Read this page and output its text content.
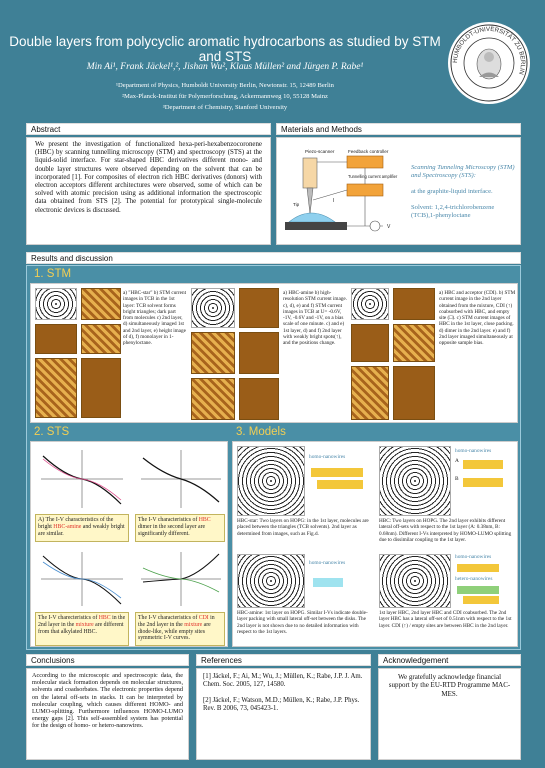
Double layers from polycyclic aromatic hydrocarbons as studied by STM and STS
Min Ai¹, Frank Jäckel¹,², Jishan Wu², Klaus Müllen² and Jürgen P. Rabe¹
¹Department of Physics, Humboldt University Berlin, Newtonstr. 15, 12489 Berlin
²Max-Planck-Institut für Polymerforschung, Ackermannweg 10, 55128 Mainz
³Department of Chemistry, Stanford University
HUMBOLDT-UNIVERSITÄT ZU BERLIN
Abstract
We present the investigation of functionalized hexa-peri-hexabenzocoronene (HBC) by scanning tunnelling microscopy (STM) and spectroscopy (STS) at the liquid-solid interface. For star-shaped HBC derivatives different mono- and double layer structures were observed depending on the solvent that can be incorporated [1]. For composites of electron rich HBC derivatives (donors) with electron acceptors different architectures were observed, some of which can be solved with atomic precision using as additional information the spectroscopic data obtained from STS [2]. The potential for prototypical single-molecule electronic devices is discussed.
Materials and Methods
Piezo-scanner	Feedback controller
Tunnelling current amplifier
I
V
Tip
Scanning Tunneling Microscopy (STM) and Spectroscopy (STS):
at the graphite-liquid interface.
Solvent: 1,2,4-trichlorobenzene (TCB),1-phenyloctane
Results and discussion
1. STM
a) "HBC-star" b) STM current images in TCB in the 1st layer: TCB solvent forms bright triangles; dark part from molecules c) 2nd layer, d) simultaneously imaged 1st and 2nd layer, e) height image of d), f) monolayer in 1-phenyloctane.
a) HBC-amine b) high-resolution STM current image. c), d), e) and f) STM current images in TCB at U= -0.6V, -1V, -0.6V and -1V, on a bias scale of one minute. c) and e) 1st layer, d) and f) 2nd layer with weakly bright spots(↑), and the positions change.
a) HBC and acceptor (CDI). b) STM current image in the 2nd layer obtained from the mixture, CDI (↑) coabsorbed with HBC, and empty site (□). c) STM current images of HBC in the 1st layer, close packing. d) dimer in the 2nd layer. e) and f) 2nd layer imaged simultaneously at opposite sample bias.
2. STS
A) The I-V characteristics of the bright HBC-amine and weakly bright are similar.
The I-V characteristics of HBC dimer in the second layer are significantly different.
The I-V charecteristics of HBC in the 2nd layer in the mixture are different from that alkylated HBC.
The I-V characteristics of CDI in the 2nd layer in the mixture are diode-like, while empty sites symmetric I-V curves.
3. Models
homo-nanowires
HBC-star: Two layers on HOPG: in the 1st layer, molecules are placed between the triangles (TCB solvents). 2nd layer as determined from images, such as Fig.d.
homo-nanowires
A
B
HBC: Two layers on HOPG. The 2nd layer exhibits different lateral off-sets with respect to the 1st layer (A: 0.38nm, B: 0.68nm). Different I-Vs interpreted by HOMO-LUMO splitting due to dissimilar coupling to the 1st layer.
homo-nanowires
HBC-amine: 1st layer on HOPG. Similar I-Vs indicate double-layer packing with small lateral off-set between the disks. The 2nd layer is not shown due to no detailed information with respect to the 1st layers.
homo-nanowires
hetero-nanowires
1st layer HBC, 2nd layer HBC and CDI coabsorbed. The 2nd layer HBC has a lateral off-set of 0.51nm with respect to the 1st layer. CDI (↑) / empty sites are between HBC in the 2nd layer.
Conclusions
According to the microscopic and spectroscopic data, the molecular stack formation depends on molecular structures, solvents and coadsorbates. The electronic properties depend on the lateral off-sets in stacks. It can be interpreted by molecular coupling, which causes different HOMO- and LUMO-splitting. Furthermore influences HOMO-LUMO energy gaps [2]. This self-assembled system has potential for the design of homo- or hetero-nanowires.
References
[1] Jäckel, F.; Ai, M.; Wu, J.; Müllen, K.; Rabe, J.P. J. Am. Chem. Soc. 2005, 127, 14580.
[2] Jäckel, F.; Watson, M.D.; Müllen, K.; Rabe, J.P. Phys. Rev. B 2006, 73, 045423-1.
Acknowledgement
We gratefully acknowledge financial support by the EU-RTD Programme MAC-MES.
